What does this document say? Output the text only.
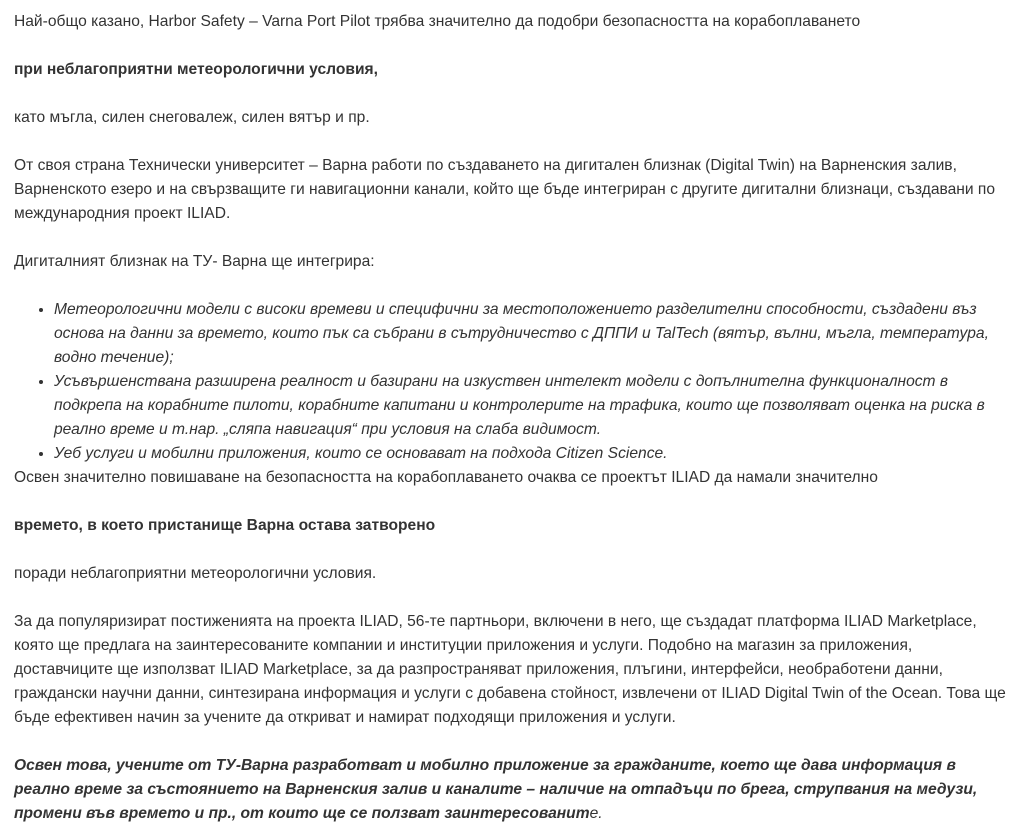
Най-общо казано, Harbor Safety – Varna Port Pilot трябва значително да подобри безопасността на корабоплаването

при неблагоприятни метеорологични условия,

като мъгла, силен снеговалеж, силен вятър и пр.

От своя страна Технически университет – Варна работи по създаването на дигитален близнак (Digital Twin) на Варненския залив, Варненското езеро и на свързващите ги навигационни канали, който ще бъде интегриран с другите дигитални близнаци, създавани по международния проект ILIAD.

Дигиталният близнак на ТУ- Варна ще интегрира:

• Метеорологични модели с високи времеви и специфични за местоположението разделителни способности, създадени въз основа на данни за времето, които пък са събрани в сътрудничество с ДППИ и TalTech (вятър, вълни, мъгла, температура, водно течение);
• Усъвършенствана разширена реалност и базирани на изкуствен интелект модели с допълнителна функционалност в подкрепа на корабните пилоти, корабните капитани и контролерите на трафика, които ще позволяват оценка на риска в реално време и т.нар. „сляпа навигация“ при условия на слаба видимост.
• Уеб услуги и мобилни приложения, които се основават на подхода Citizen Science.

Освен значително повишаване на безопасността на корабоплаването очаква се проектът ILIAD да намали значително

времето, в което пристанище Варна остава затворено

поради неблагоприятни метеорологични условия.

За да популяризират постиженията на проекта ILIAD, 56-те партньори, включени в него, ще създадат платформа ILIAD Marketplace, която ще предлага на заинтересованите компании и институции приложения и услуги. Подобно на магазин за приложения, доставчиците ще използват ILIAD Marketplace, за да разпространяват приложения, плъгини, интерфейси, необработени данни, граждански научни данни, синтезирана информация и услуги с добавена стойност, извлечени от ILIAD Digital Twin of the Ocean. Това ще бъде ефективен начин за учените да откриват и намират подходящи приложения и услуги.

Освен това, учените от ТУ-Варна разработват и мобилно приложение за гражданите, което ще дава информация в реално време за състоянието на Варненския залив и каналите – наличие на отпадъци по брега, струпвания на медузи, промени във времето и пр., от които ще се ползват заинтересованите.
